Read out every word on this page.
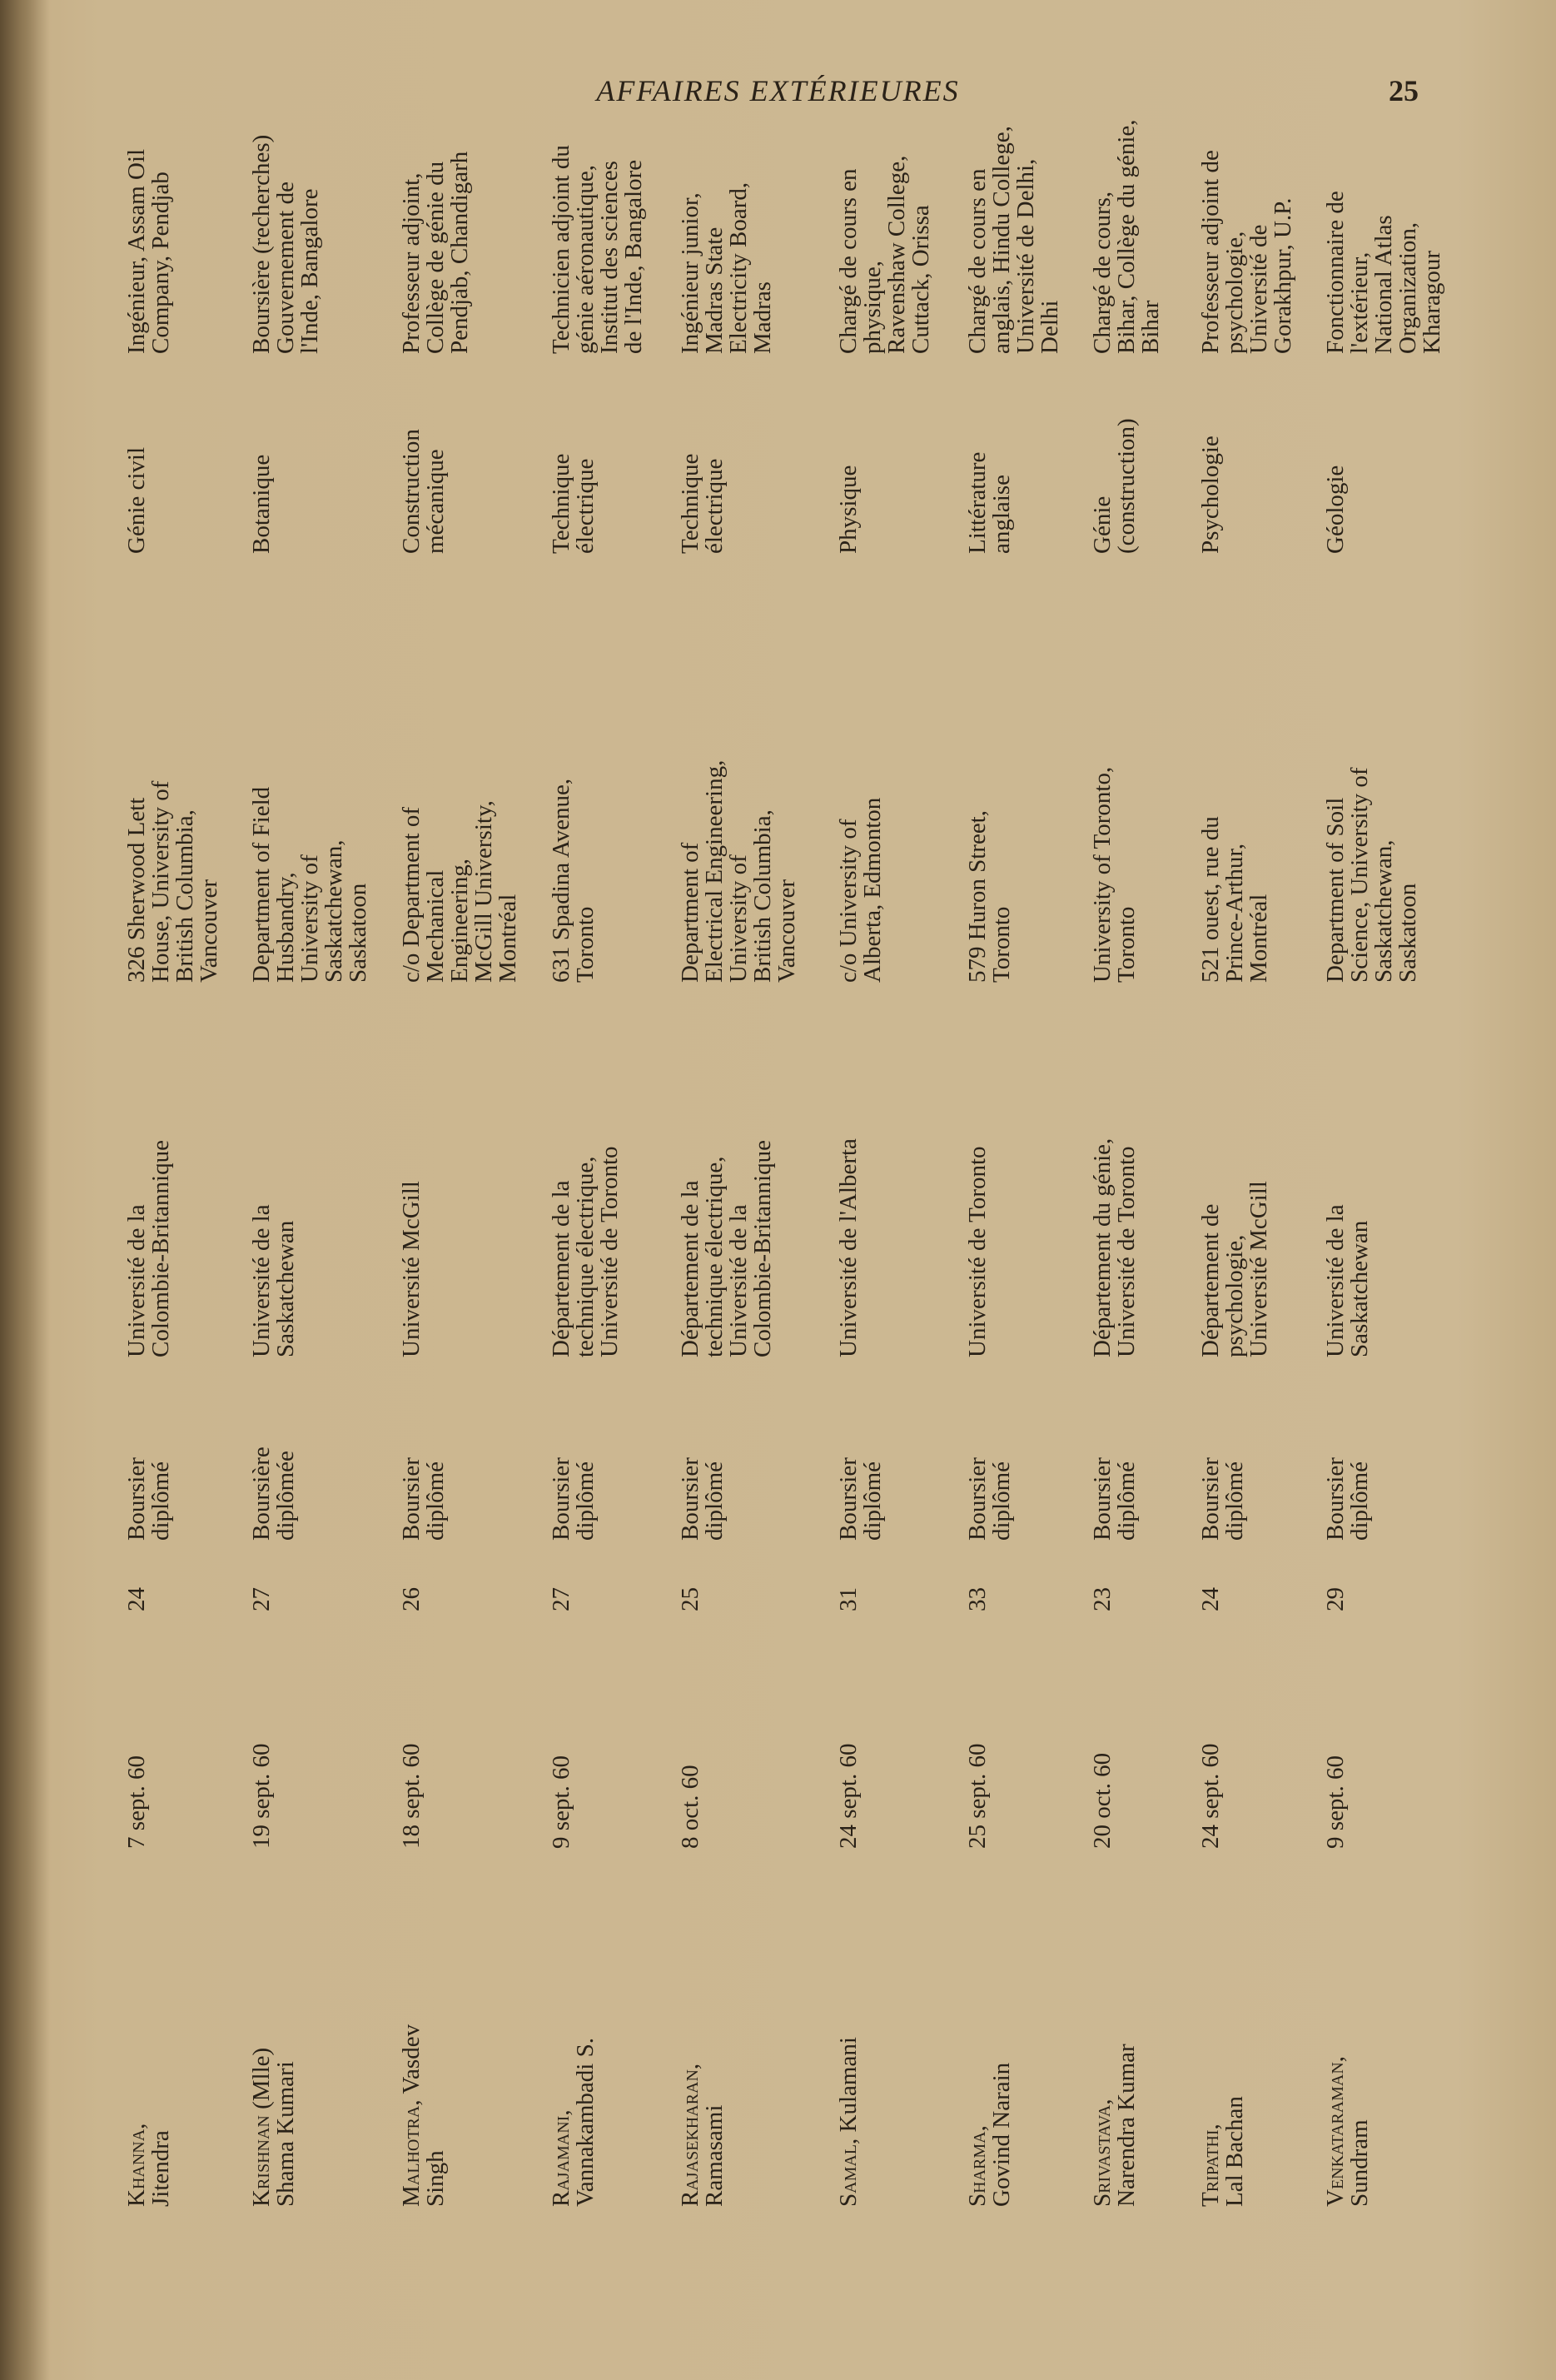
AFFAIRES EXTÉRIEURES	25
Khanna,
Jitendra
7 sept. 60
24
Boursier
diplômé
Université de la
Colombie-Britannique
326 Sherwood Lett
House, University of
British Columbia,
Vancouver
Génie civil
Ingénieur, Assam Oil
Company, Pendjab
Krishnan (Mlle)
Shama Kumari
19 sept. 60
27
Boursière
diplômée
Université de la
Saskatchewan
Department of Field
Husbandry,
University of
Saskatchewan,
Saskatoon
Botanique
Boursière (recherches)
Gouvernement de
l'Inde, Bangalore
Malhotra, Vasdev
Singh
18 sept. 60
26
Boursier
diplômé
Université McGill
c/o Department of
Mechanical
Engineering,
McGill University,
Montréal
Construction
mécanique
Professeur adjoint,
Collège de génie du
Pendjab, Chandigarh
Rajamani,
Vannakambadi S.
9 sept. 60
27
Boursier
diplômé
Département de la
technique électrique,
Université de Toronto
631 Spadina Avenue,
Toronto
Technique
électrique
Technicien adjoint du
génie aéronautique,
Institut des sciences
de l'Inde, Bangalore
Rajasekharan,
Ramasami
8 oct. 60
25
Boursier
diplômé
Département de la
technique électrique,
Université de la
Colombie-Britannique
Department of
Electrical Engineering,
University of
British Columbia,
Vancouver
Technique
électrique
Ingénieur junior,
Madras State
Electricity Board,
Madras
Samal, Kulamani
24 sept. 60
31
Boursier
diplômé
Université de l'Alberta
c/o University of
Alberta, Edmonton
Physique
Chargé de cours en
physique,
Ravenshaw College,
Cuttack, Orissa
Sharma,
Govind Narain
25 sept. 60
33
Boursier
diplômé
Université de Toronto
579 Huron Street,
Toronto
Littérature
anglaise
Chargé de cours en
anglais, Hindu College,
Université de Delhi,
Delhi
Srivastava,
Narendra Kumar
20 oct. 60
23
Boursier
diplômé
Département du génie,
Université de Toronto
University of Toronto,
Toronto
Génie
(construction)
Chargé de cours,
Bihar, Collège du génie,
Bihar
Tripathi,
Lal Bachan
24 sept. 60
24
Boursier
diplômé
Département de
psychologie,
Université McGill
521 ouest, rue du
Prince-Arthur,
Montréal
Psychologie
Professeur adjoint de
psychologie,
Université de
Gorakhpur, U.P.
Venkataraman,
Sundram
9 sept. 60
29
Boursier
diplômé
Université de la
Saskatchewan
Department of Soil
Science, University of
Saskatchewan,
Saskatoon
Géologie
Fonctionnaire de
l'extérieur,
National Atlas
Organization,
Kharagour
